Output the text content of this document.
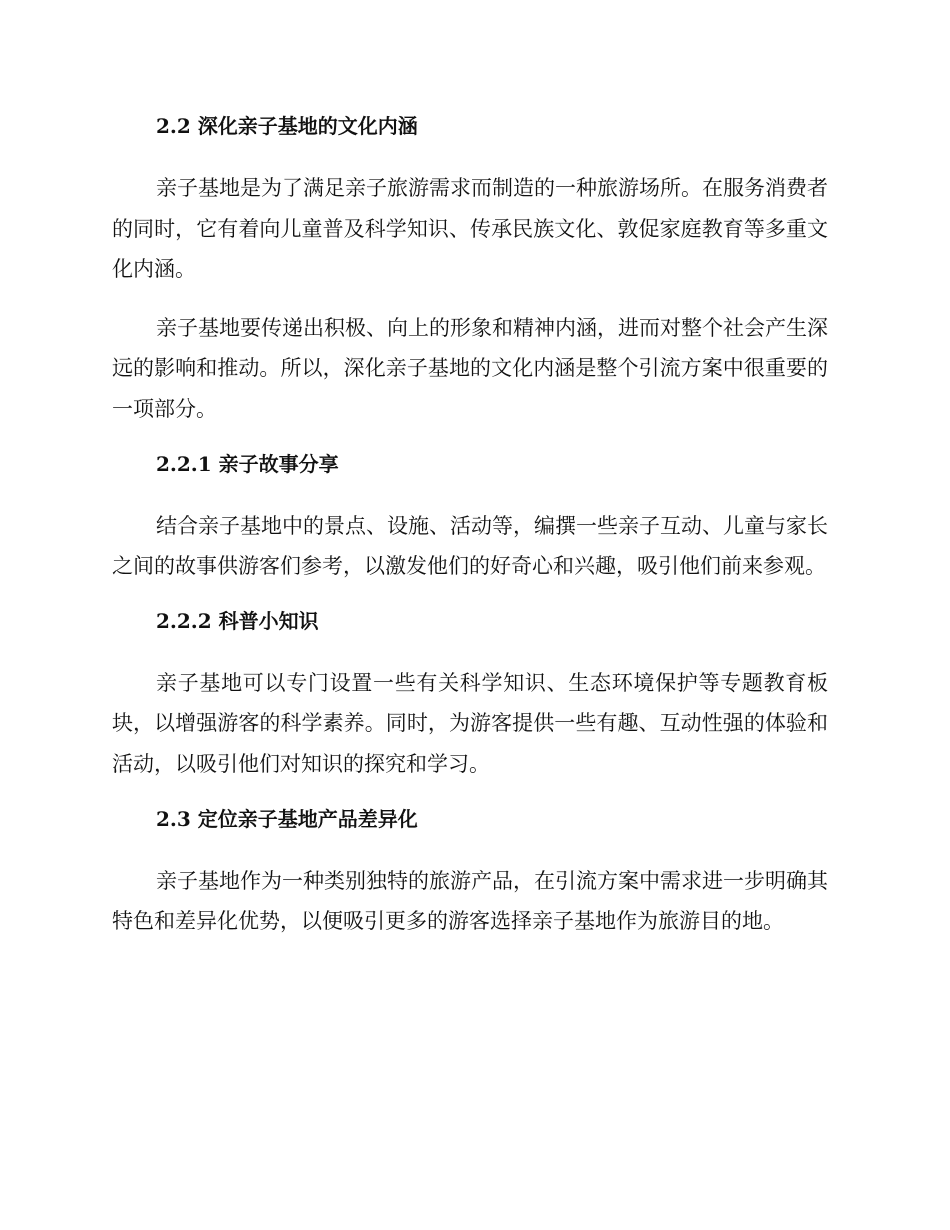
2.2 深化亲子基地的文化内涵

亲子基地是为了满足亲子旅游需求而制造的一种旅游场所。在服务消费者的同时，它有着向儿童普及科学知识、传承民族文化、敦促家庭教育等多重文化内涵。

亲子基地要传递出积极、向上的形象和精神内涵，进而对整个社会产生深远的影响和推动。所以，深化亲子基地的文化内涵是整个引流方案中很重要的一项部分。

2.2.1 亲子故事分享

结合亲子基地中的景点、设施、活动等，编撰一些亲子互动、儿童与家长之间的故事供游客们参考，以激发他们的好奇心和兴趣，吸引他们前来参观。

2.2.2 科普小知识

亲子基地可以专门设置一些有关科学知识、生态环境保护等专题教育板块，以增强游客的科学素养。同时，为游客提供一些有趣、互动性强的体验和活动，以吸引他们对知识的探究和学习。

2.3 定位亲子基地产品差异化

亲子基地作为一种类别独特的旅游产品，在引流方案中需求进一步明确其特色和差异化优势，以便吸引更多的游客选择亲子基地作为旅游目的地。
